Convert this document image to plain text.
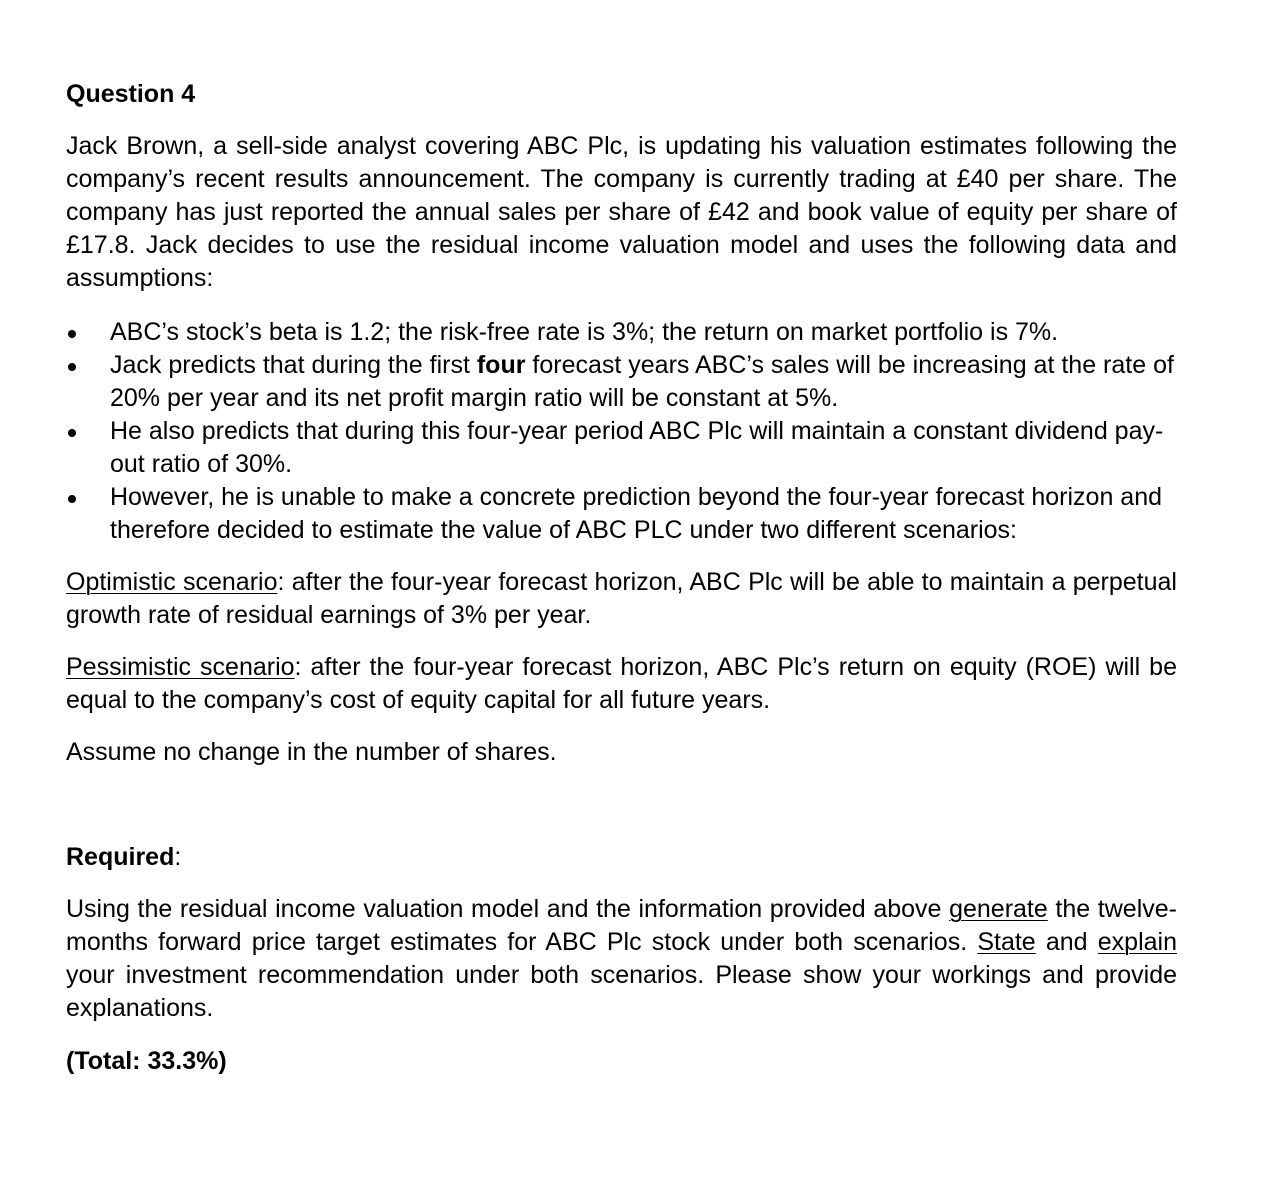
Question 4

Jack Brown, a sell-side analyst covering ABC Plc, is updating his valuation estimates following the company’s recent results announcement. The company is currently trading at £40 per share. The company has just reported the annual sales per share of £42 and book value of equity per share of £17.8. Jack decides to use the residual income valuation model and uses the following data and assumptions:

ABC’s stock’s beta is 1.2; the risk-free rate is 3%; the return on market portfolio is 7%.
Jack predicts that during the first four forecast years ABC’s sales will be increasing at the rate of 20% per year and its net profit margin ratio will be constant at 5%.
He also predicts that during this four-year period ABC Plc will maintain a constant dividend pay-out ratio of 30%.
However, he is unable to make a concrete prediction beyond the four-year forecast horizon and therefore decided to estimate the value of ABC PLC under two different scenarios:

Optimistic scenario: after the four-year forecast horizon, ABC Plc will be able to maintain a perpetual growth rate of residual earnings of 3% per year.

Pessimistic scenario: after the four-year forecast horizon, ABC Plc’s return on equity (ROE) will be equal to the company’s cost of equity capital for all future years.

Assume no change in the number of shares.

Required:

Using the residual income valuation model and the information provided above generate the twelve-months forward price target estimates for ABC Plc stock under both scenarios. State and explain your investment recommendation under both scenarios. Please show your workings and provide explanations.

(Total: 33.3%)
